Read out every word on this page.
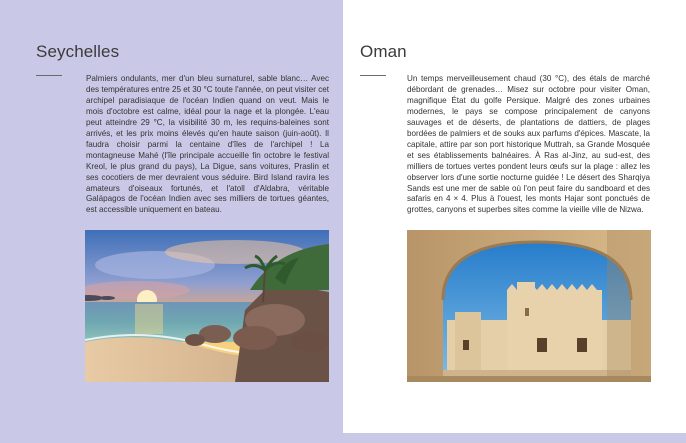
Seychelles

Palmiers ondulants, mer d'un bleu surnaturel, sable blanc… Avec des températures entre 25 et 30 °C toute l'année, on peut visiter cet archipel paradisiaque de l'océan Indien quand on veut. Mais le mois d'octobre est calme, idéal pour la nage et la plongée. L'eau peut atteindre 29 °C, la visibilité 30 m, les requins-baleines sont arrivés, et les prix moins élevés qu'en haute saison (juin-août). Il faudra choisir parmi la centaine d'îles de l'archipel ! La montagneuse Mahé (l'île principale accueille fin octobre le festival Kreol, le plus grand du pays), La Digue, sans voitures, Praslin et ses cocotiers de mer devraient vous séduire. Bird Island ravira les amateurs d'oiseaux fortunés, et l'atoll d'Aldabra, véritable Galápagos de l'océan Indien avec ses milliers de tortues géantes, est accessible uniquement en bateau.

Oman

Un temps merveilleusement chaud (30 °C), des étals de marché débordant de grenades… Misez sur octobre pour visiter Oman, magnifique État du golfe Persique. Malgré des zones urbaines modernes, le pays se compose principalement de canyons sauvages et de déserts, de plantations de dattiers, de plages bordées de palmiers et de souks aux parfums d'épices. Mascate, la capitale, attire par son port historique Muttrah, sa Grande Mosquée et ses établissements balnéaires. À Ras al-Jinz, au sud-est, des milliers de tortues vertes pondent leurs œufs sur la plage : allez les observer lors d'une sortie nocturne guidée ! Le désert des Sharqiya Sands est une mer de sable où l'on peut faire du sandboard et des safaris en 4 × 4. Plus à l'ouest, les monts Hajar sont ponctués de grottes, canyons et superbes sites comme la vieille ville de Nizwa.
